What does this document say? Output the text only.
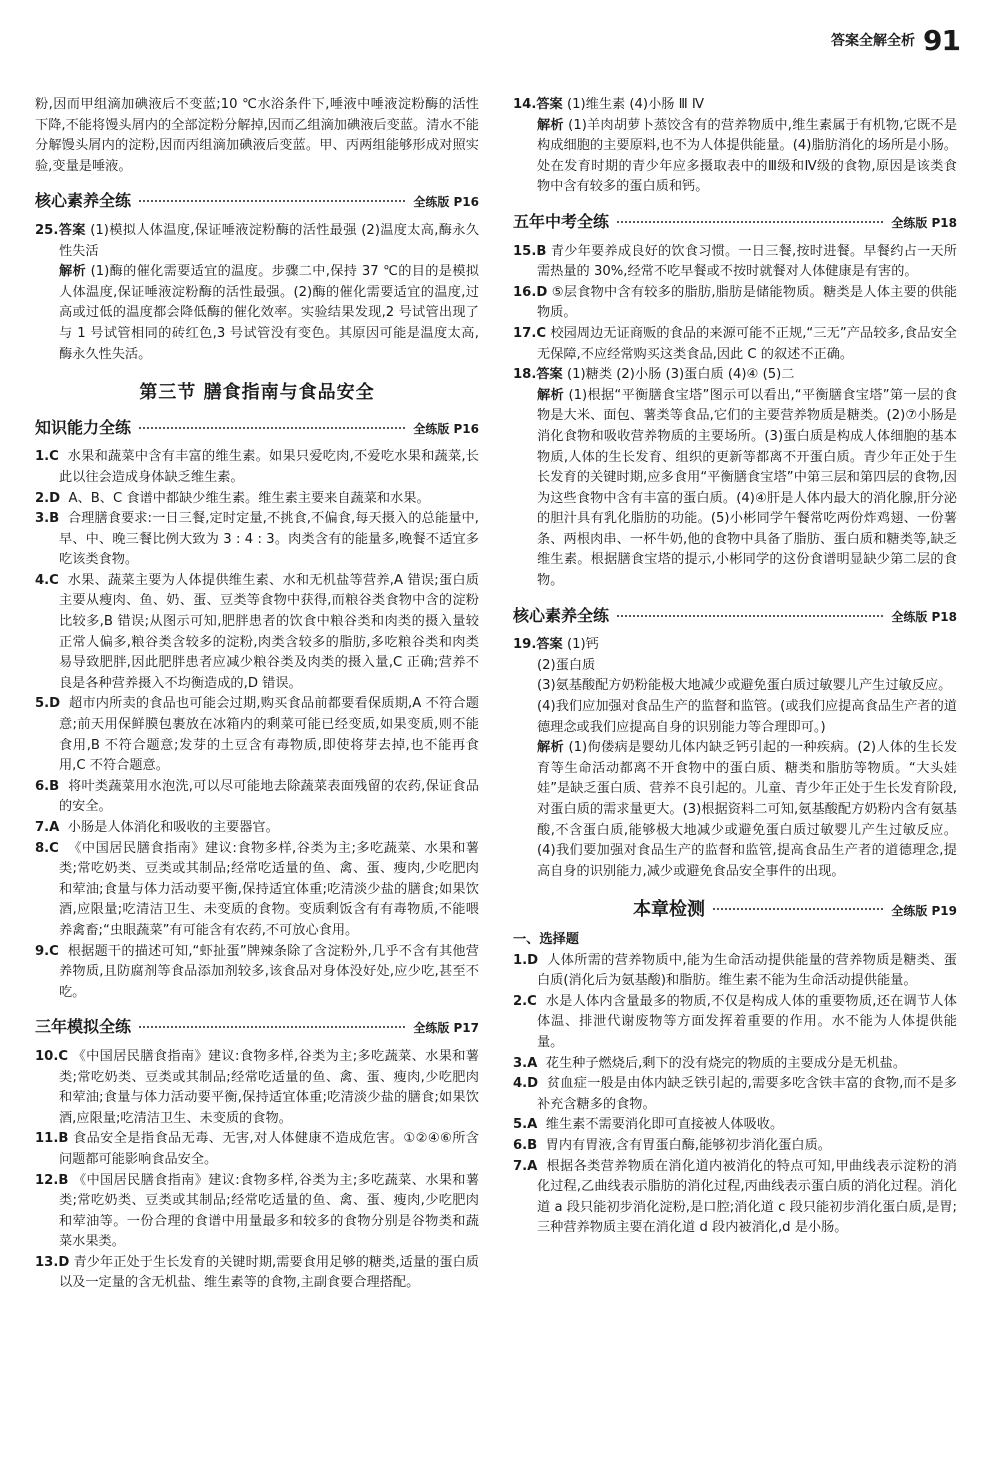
答案全解全析 91

粉,因而甲组滴加碘液后不变蓝;10 ℃水浴条件下,唾液中唾液淀粉酶的活性下降,不能将馒头屑内的全部淀粉分解掉,因而乙组滴加碘液后变蓝。清水不能分解馒头屑内的淀粉,因而丙组滴加碘液后变蓝。甲、丙两组能够形成对照实验,变量是唾液。

核心素养全练	全练版 P16

25.答案 (1)模拟人体温度,保证唾液淀粉酶的活性最强 (2)温度太高,酶永久性失活

解析 (1)酶的催化需要适宜的温度。步骤二中,保持 37 ℃的目的是模拟人体温度,保证唾液淀粉酶的活性最强。(2)酶的催化需要适宜的温度,过高或过低的温度都会降低酶的催化效率。实验结果发现,2 号试管出现了与 1 号试管相同的砖红色,3 号试管没有变色。其原因可能是温度太高,酶永久性失活。

第三节 膳食指南与食品安全
知识能力全练	全练版 P16

1.C 水果和蔬菜中含有丰富的维生素。如果只爱吃肉,不爱吃水果和蔬菜,长此以往会造成身体缺乏维生素。

2.D A、B、C 食谱中都缺少维生素。维生素主要来自蔬菜和水果。

3.B 合理膳食要求:一日三餐,定时定量,不挑食,不偏食,每天摄入的总能量中,早、中、晚三餐比例大致为 3 : 4 : 3。肉类含有的能量多,晚餐不适宜多吃该类食物。

4.C 水果、蔬菜主要为人体提供维生素、水和无机盐等营养,A 错误;蛋白质主要从瘦肉、鱼、奶、蛋、豆类等食物中获得,而粮谷类食物中含的淀粉比较多,B 错误;从图示可知,肥胖患者的饮食中粮谷类和肉类的摄入量较正常人偏多,粮谷类含较多的淀粉,肉类含较多的脂肪,多吃粮谷类和肉类易导致肥胖,因此肥胖患者应减少粮谷类及肉类的摄入量,C 正确;营养不良是各种营养摄入不均衡造成的,D 错误。

5.D 超市内所卖的食品也可能会过期,购买食品前都要看保质期,A 不符合题意;前天用保鲜膜包裹放在冰箱内的剩菜可能已经变质,如果变质,则不能食用,B 不符合题意;发芽的土豆含有毒物质,即使将芽去掉,也不能再食用,C 不符合题意。

6.B 将叶类蔬菜用水泡洗,可以尽可能地去除蔬菜表面残留的农药,保证食品的安全。

7.A 小肠是人体消化和吸收的主要器官。

8.C 《中国居民膳食指南》建议:食物多样,谷类为主;多吃蔬菜、水果和薯类;常吃奶类、豆类或其制品;经常吃适量的鱼、禽、蛋、瘦肉,少吃肥肉和荤油;食量与体力活动要平衡,保持适宜体重;吃清淡少盐的膳食;如果饮酒,应限量;吃清洁卫生、未变质的食物。变质剩饭含有有毒物质,不能喂养禽畜;“虫眼蔬菜”有可能含有农药,不可放心食用。

9.C 根据题干的描述可知,“虾扯蛋”牌辣条除了含淀粉外,几乎不含有其他营养物质,且防腐剂等食品添加剂较多,该食品对身体没好处,应少吃,甚至不吃。

三年模拟全练	全练版 P17

10.C 《中国居民膳食指南》建议:食物多样,谷类为主;多吃蔬菜、水果和薯类;常吃奶类、豆类或其制品;经常吃适量的鱼、禽、蛋、瘦肉,少吃肥肉和荤油;食量与体力活动要平衡,保持适宜体重;吃清淡少盐的膳食;如果饮酒,应限量;吃清洁卫生、未变质的食物。

11.B 食品安全是指食品无毒、无害,对人体健康不造成危害。①②④⑥所含问题都可能影响食品安全。

12.B 《中国居民膳食指南》建议:食物多样,谷类为主;多吃蔬菜、水果和薯类;常吃奶类、豆类或其制品;经常吃适量的鱼、禽、蛋、瘦肉,少吃肥肉和荤油等。一份合理的食谱中用量最多和较多的食物分别是谷物类和蔬菜水果类。

13.D 青少年正处于生长发育的关键时期,需要食用足够的糖类,适量的蛋白质以及一定量的含无机盐、维生素等的食物,主副食要合理搭配。

14.答案 (1)维生素 (4)小肠 Ⅲ Ⅳ

解析 (1)羊肉胡萝卜蒸饺含有的营养物质中,维生素属于有机物,它既不是构成细胞的主要原料,也不为人体提供能量。(4)脂肪消化的场所是小肠。处在发育时期的青少年应多摄取表中的Ⅲ级和Ⅳ级的食物,原因是该类食物中含有较多的蛋白质和钙。

五年中考全练	全练版 P18

15.B 青少年要养成良好的饮食习惯。一日三餐,按时进餐。早餐约占一天所需热量的 30%,经常不吃早餐或不按时就餐对人体健康是有害的。

16.D ⑤层食物中含有较多的脂肪,脂肪是储能物质。糖类是人体主要的供能物质。

17.C 校园周边无证商贩的食品的来源可能不正规,“三无”产品较多,食品安全无保障,不应经常购买这类食品,因此 C 的叙述不正确。

18.答案 (1)糖类 (2)小肠 (3)蛋白质 (4)④ (5)二

解析 (1)根据“平衡膳食宝塔”图示可以看出,“平衡膳食宝塔”第一层的食物是大米、面包、薯类等食品,它们的主要营养物质是糖类。(2)⑦小肠是消化食物和吸收营养物质的主要场所。(3)蛋白质是构成人体细胞的基本物质,人体的生长发育、组织的更新等都离不开蛋白质。青少年正处于生长发育的关键时期,应多食用“平衡膳食宝塔”中第三层和第四层的食物,因为这些食物中含有丰富的蛋白质。(4)④肝是人体内最大的消化腺,肝分泌的胆汁具有乳化脂肪的功能。(5)小彬同学午餐常吃两份炸鸡翅、一份薯条、两根肉串、一杯牛奶,他的食物中具备了脂肪、蛋白质和糖类等,缺乏维生素。根据膳食宝塔的提示,小彬同学的这份食谱明显缺少第二层的食物。

核心素养全练	全练版 P18

19.答案 (1)钙

(2)蛋白质

(3)氨基酸配方奶粉能极大地减少或避免蛋白质过敏婴儿产生过敏反应。

(4)我们应加强对食品生产的监督和监管。(或我们应提高食品生产者的道德理念或我们应提高自身的识别能力等合理即可。)

解析 (1)佝偻病是婴幼儿体内缺乏钙引起的一种疾病。(2)人体的生长发育等生命活动都离不开食物中的蛋白质、糖类和脂肪等物质。“大头娃娃”是缺乏蛋白质、营养不良引起的。儿童、青少年正处于生长发育阶段,对蛋白质的需求量更大。(3)根据资料二可知,氨基酸配方奶粉内含有氨基酸,不含蛋白质,能够极大地减少或避免蛋白质过敏婴儿产生过敏反应。(4)我们要加强对食品生产的监督和监管,提高食品生产者的道德理念,提高自身的识别能力,减少或避免食品安全事件的出现。

本章检测	全练版 P19

一、选择题

1.D 人体所需的营养物质中,能为生命活动提供能量的营养物质是糖类、蛋白质(消化后为氨基酸)和脂肪。维生素不能为生命活动提供能量。

2.C 水是人体内含量最多的物质,不仅是构成人体的重要物质,还在调节人体体温、排泄代谢废物等方面发挥着重要的作用。水不能为人体提供能量。

3.A 花生种子燃烧后,剩下的没有烧完的物质的主要成分是无机盐。

4.D 贫血症一般是由体内缺乏铁引起的,需要多吃含铁丰富的食物,而不是多补充含糖多的食物。

5.A 维生素不需要消化即可直接被人体吸收。

6.B 胃内有胃液,含有胃蛋白酶,能够初步消化蛋白质。

7.A 根据各类营养物质在消化道内被消化的特点可知,甲曲线表示淀粉的消化过程,乙曲线表示脂肪的消化过程,丙曲线表示蛋白质的消化过程。消化道 a 段只能初步消化淀粉,是口腔;消化道 c 段只能初步消化蛋白质,是胃;三种营养物质主要在消化道 d 段内被消化,d 是小肠。
